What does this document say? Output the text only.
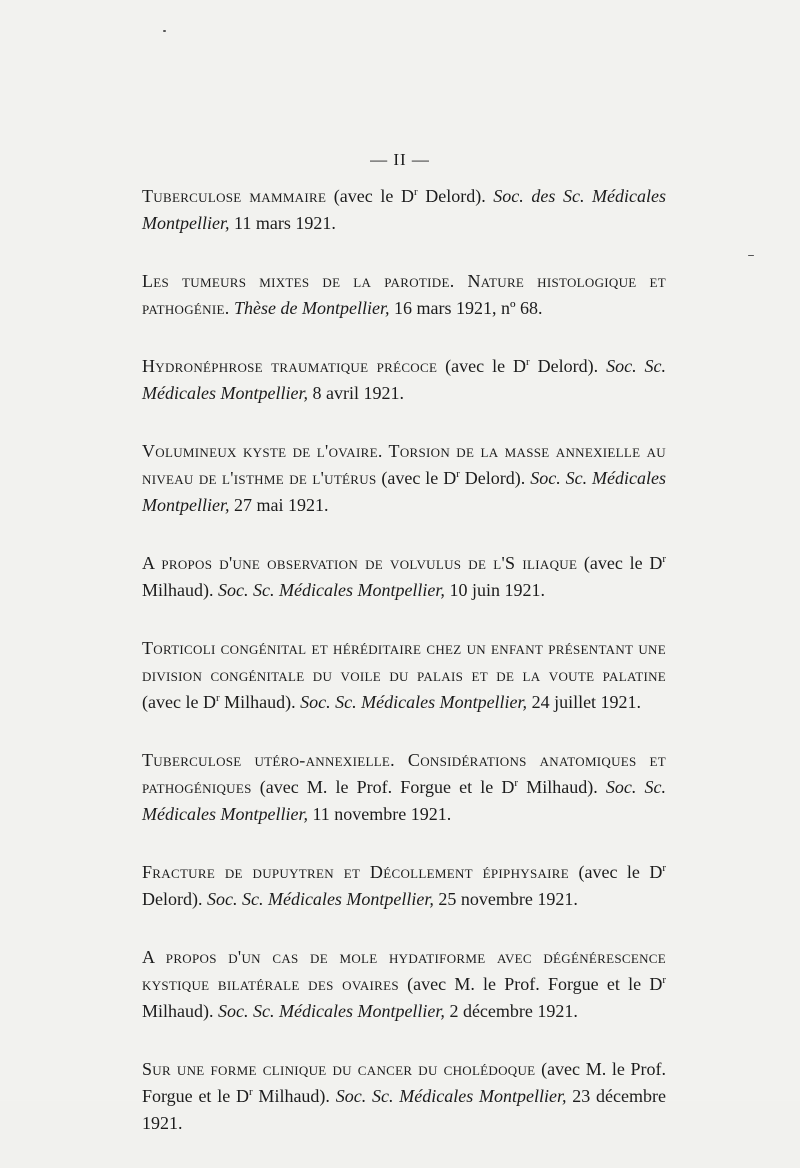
— II —

Tuberculose mammaire (avec le $D^r$ Delord). Soc. des Sc. Médicales Montpellier, 11 mars 1921.

Les tumeurs mixtes de la parotide. Nature histologique et pathogénie. Thèse de Montpellier, 16 mars 1921, nº 68.

Hydronéphrose traumatique précoce (avec le $D^r$ Delord). Soc. Sc. Médicales Montpellier, 8 avril 1921.

Volumineux kyste de l'ovaire. Torsion de la masse annexielle au niveau de l'isthme de l'utérus (avec le $D^r$ Delord). Soc. Sc. Médicales Montpellier, 27 mai 1921.

A propos d'une observation de volvulus de l'S iliaque (avec le $D^r$ Milhaud). Soc. Sc. Médicales Montpellier, 10 juin 1921.

Torticoli congénital et héréditaire chez un enfant présentant une division congénitale du voile du palais et de la voute palatine (avec le $D^r$ Milhaud). Soc. Sc. Médicales Montpellier, 24 juillet 1921.

Tuberculose utéro-annexielle. Considérations anatomiques et pathogéniques (avec M. le Prof. Forgue et le $D^r$ Milhaud). Soc. Sc. Médicales Montpellier, 11 novembre 1921.

Fracture de dupuytren et Décollement épiphysaire (avec le $D^r$ Delord). Soc. Sc. Médicales Montpellier, 25 novembre 1921.

A propos d'un cas de mole hydatiforme avec dégénérescence kystique bilatérale des ovaires (avec M. le Prof. Forgue et le $D^r$ Milhaud). Soc. Sc. Médicales Montpellier, 2 décembre 1921.

Sur une forme clinique du cancer du cholédoque (avec M. le Prof. Forgue et le $D^r$ Milhaud). Soc. Sc. Médicales Montpellier, 23 décembre 1921.
